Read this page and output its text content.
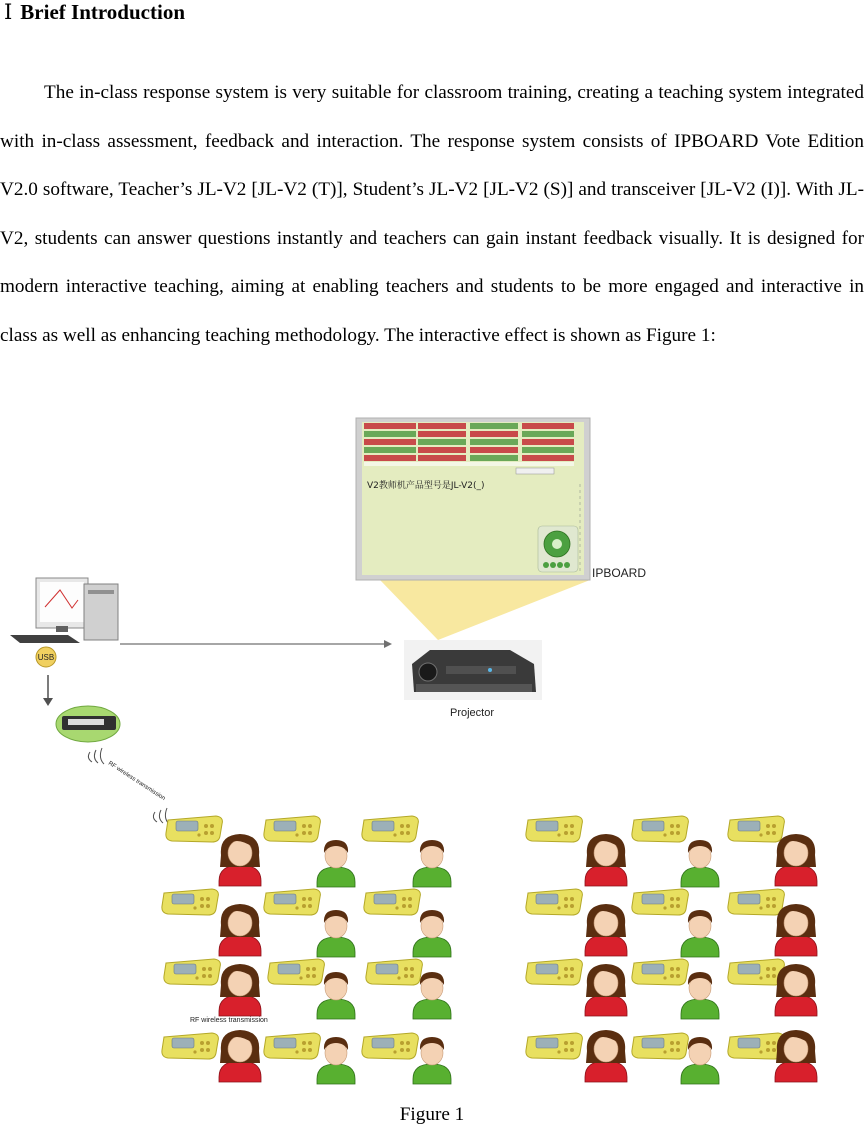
Ⅰ Brief Introduction
The in-class response system is very suitable for classroom training, creating a teaching system integrated with in-class assessment, feedback and interaction. The response system consists of IPBOARD Vote Edition V2.0 software, Teacher’s JL-V2 [JL-V2 (T)], Student’s JL-V2 [JL-V2 (S)] and transceiver [JL-V2 (I)]. With JL-V2, students can answer questions instantly and teachers can gain instant feedback visually. It is designed for modern interactive teaching, aiming at enabling teachers and students to be more engaged and interactive in class as well as enhancing teaching methodology. The interactive effect is shown as Figure 1:
V2教师机产品型号是JL-V2(_)
IPBOARD
USB
RF wireless transmission
Projector
RF wireless transmission
Figure 1
